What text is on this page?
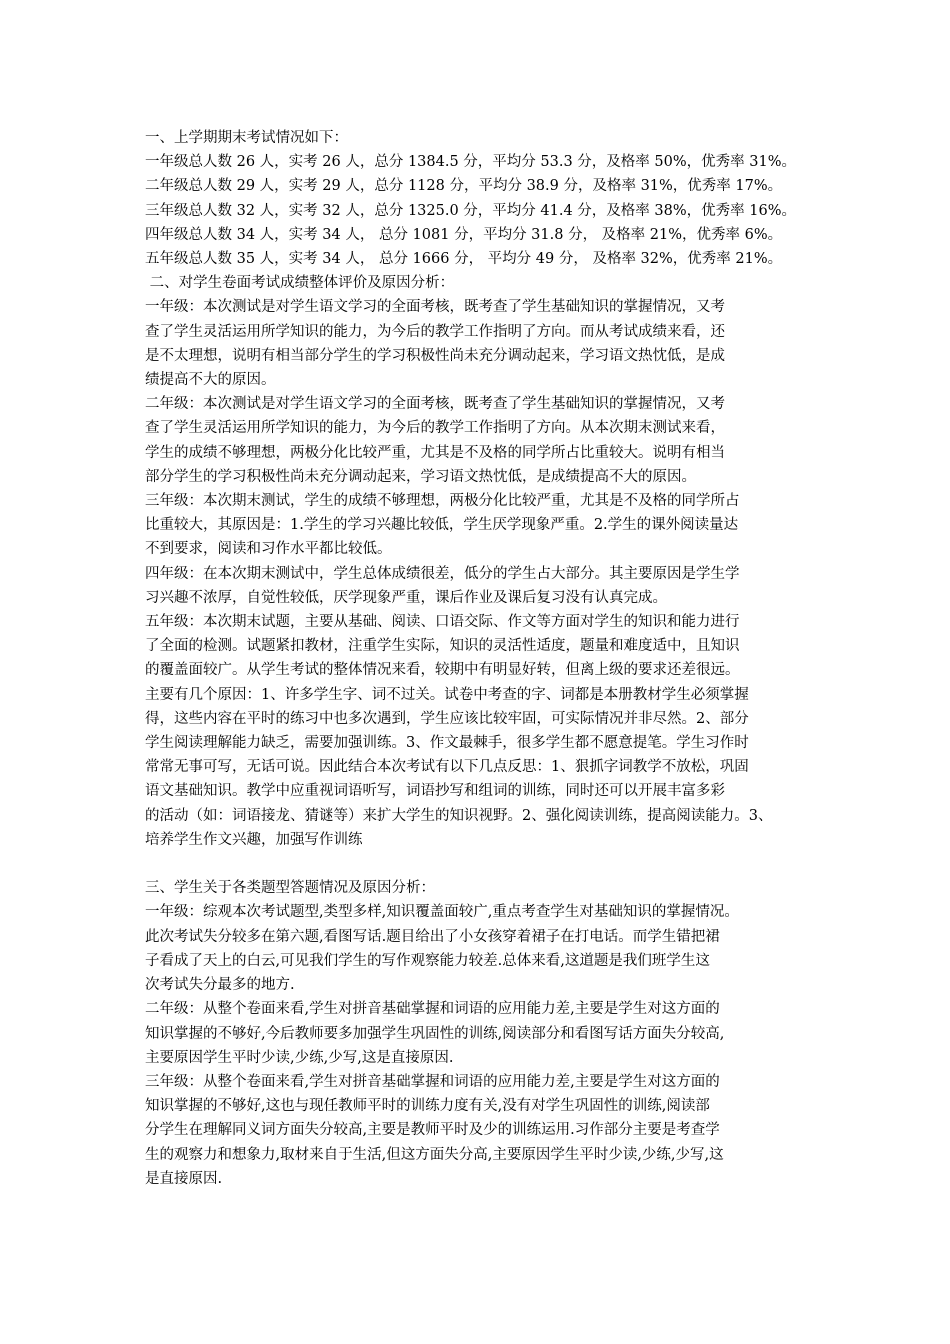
一、上学期期末考试情况如下：
一年级总人数 26 人，实考 26 人，总分 1384.5 分，平均分 53.3 分，及格率 50%，优秀率 31%。
二年级总人数 29 人，实考 29 人，总分 1128 分，平均分 38.9 分，及格率 31%，优秀率 17%。
三年级总人数 32 人，实考 32 人，总分 1325.0 分，平均分 41.4 分，及格率 38%，优秀率 16%。
四年级总人数 34 人，实考 34 人， 总分 1081 分，平均分 31.8 分， 及格率 21%，优秀率 6%。
五年级总人数 35 人，实考 34 人， 总分 1666 分， 平均分 49 分， 及格率 32%，优秀率 21%。
二、对学生卷面考试成绩整体评价及原因分析：
一年级：本次测试是对学生语文学习的全面考核，既考查了学生基础知识的掌握情况，又考
查了学生灵活运用所学知识的能力，为今后的教学工作指明了方向。而从考试成绩来看，还
是不太理想，说明有相当部分学生的学习积极性尚未充分调动起来，学习语文热忱低，是成
绩提高不大的原因。
二年级：本次测试是对学生语文学习的全面考核，既考查了学生基础知识的掌握情况，又考
查了学生灵活运用所学知识的能力，为今后的教学工作指明了方向。从本次期末测试来看，
学生的成绩不够理想，两极分化比较严重，尤其是不及格的同学所占比重较大。说明有相当
部分学生的学习积极性尚未充分调动起来，学习语文热忱低，是成绩提高不大的原因。
三年级：本次期末测试，学生的成绩不够理想，两极分化比较严重，尤其是不及格的同学所占
比重较大，其原因是：1.学生的学习兴趣比较低，学生厌学现象严重。2.学生的课外阅读量达
不到要求，阅读和习作水平都比较低。
四年级：在本次期末测试中，学生总体成绩很差，低分的学生占大部分。其主要原因是学生学
习兴趣不浓厚，自觉性较低，厌学现象严重，课后作业及课后复习没有认真完成。
五年级：本次期末试题，主要从基础、阅读、口语交际、作文等方面对学生的知识和能力进行
了全面的检测。试题紧扣教材，注重学生实际，知识的灵活性适度，题量和难度适中，且知识
的覆盖面较广。从学生考试的整体情况来看，较期中有明显好转，但离上级的要求还差很远。
主要有几个原因：1、许多学生字、词不过关。试卷中考查的字、词都是本册教材学生必须掌握
得，这些内容在平时的练习中也多次遇到，学生应该比较牢固，可实际情况并非尽然。2、部分
学生阅读理解能力缺乏，需要加强训练。3、作文最棘手，很多学生都不愿意提笔。学生习作时
常常无事可写，无话可说。因此结合本次考试有以下几点反思：1、狠抓字词教学不放松，巩固
语文基础知识。教学中应重视词语听写，词语抄写和组词的训练，同时还可以开展丰富多彩
的活动（如：词语接龙、猜谜等）来扩大学生的知识视野。2、强化阅读训练，提高阅读能力。3、
培养学生作文兴趣，加强写作训练
三、学生关于各类题型答题情况及原因分析：
一年级：综观本次考试题型,类型多样,知识覆盖面较广,重点考查学生对基础知识的掌握情况。
此次考试失分较多在第六题,看图写话.题目给出了小女孩穿着裙子在打电话。而学生错把裙
子看成了天上的白云,可见我们学生的写作观察能力较差.总体来看,这道题是我们班学生这
次考试失分最多的地方.
二年级：从整个卷面来看,学生对拼音基础掌握和词语的应用能力差,主要是学生对这方面的
知识掌握的不够好,今后教师要多加强学生巩固性的训练,阅读部分和看图写话方面失分较高,
主要原因学生平时少读,少练,少写,这是直接原因.
三年级：从整个卷面来看,学生对拼音基础掌握和词语的应用能力差,主要是学生对这方面的
知识掌握的不够好,这也与现任教师平时的训练力度有关,没有对学生巩固性的训练,阅读部
分学生在理解同义词方面失分较高,主要是教师平时及少的训练运用.习作部分主要是考查学
生的观察力和想象力,取材来自于生活,但这方面失分高,主要原因学生平时少读,少练,少写,这
是直接原因.
